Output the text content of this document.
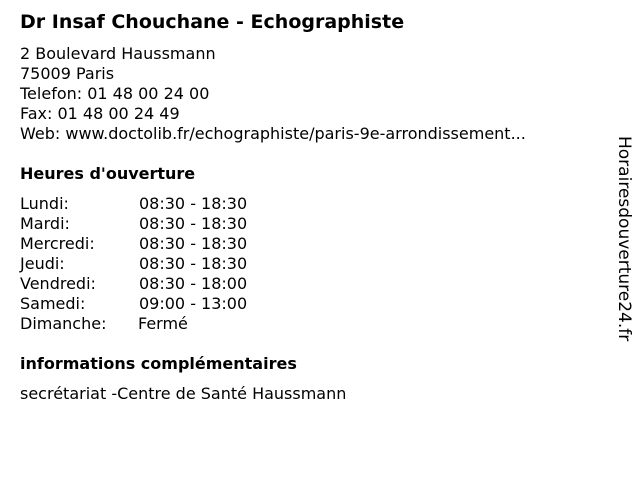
Dr Insaf Chouchane - Echographiste
2 Boulevard Haussmann
75009 Paris
Telefon: 01 48 00 24 00
Fax: 01 48 00 24 49
Web: www.doctolib.fr/echographiste/paris-9e-arrondissement...
Heures d'ouverture
Lundi:	08:30 - 18:30
Mardi:	08:30 - 18:30
Mercredi:	08:30 - 18:30
Jeudi:	08:30 - 18:30
Vendredi:	08:30 - 18:00
Samedi:	09:00 - 13:00
Dimanche: Fermé
informations complémentaires
secrétariat -Centre de Santé Haussmann
Horairesdouverture24.fr
